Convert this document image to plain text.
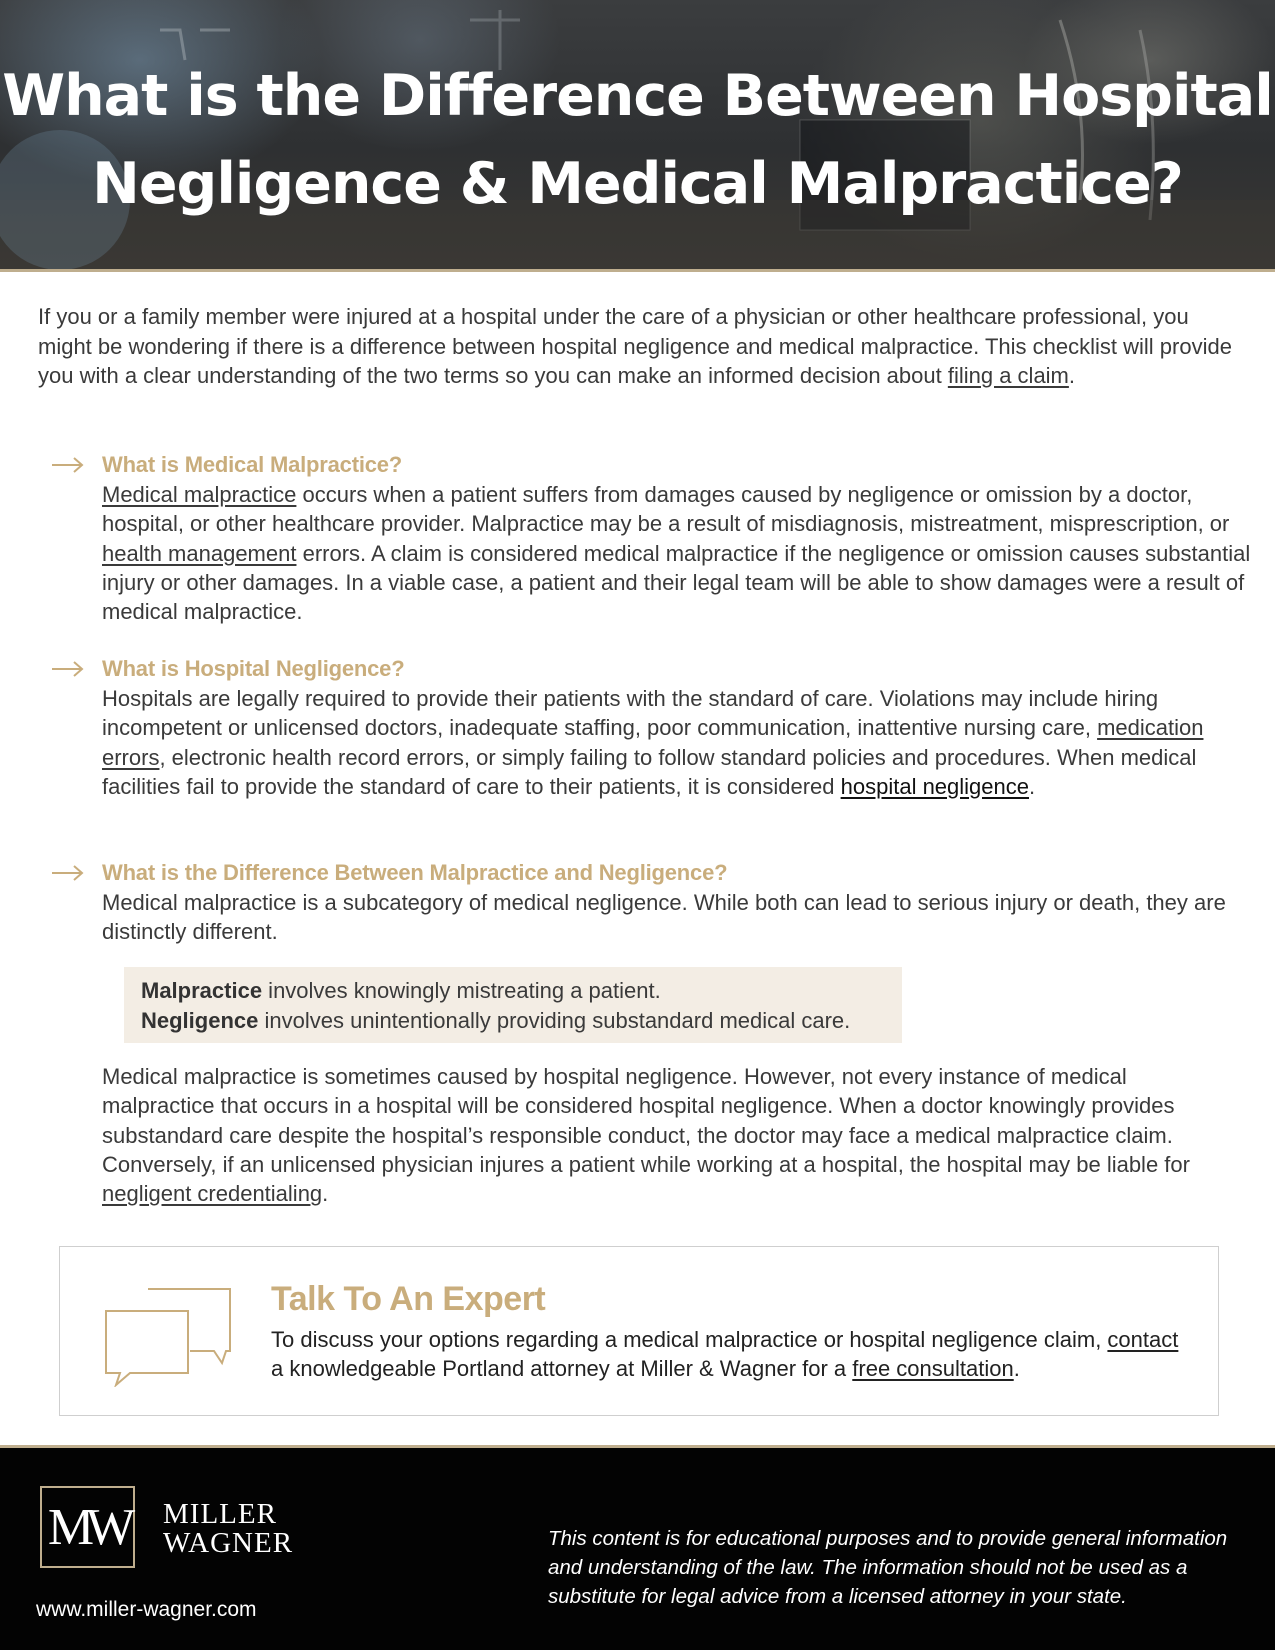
What is the Difference Between Hospital
Negligence & Medical Malpractice?

If you or a family member were injured at a hospital under the care of a physician or other healthcare professional, you might be wondering if there is a difference between hospital negligence and medical malpractice. This checklist will provide you with a clear understanding of the two terms so you can make an informed decision about filing a claim.

What is Medical Malpractice?

Medical malpractice occurs when a patient suffers from damages caused by negligence or omission by a doctor, hospital, or other healthcare provider. Malpractice may be a result of misdiagnosis, mistreatment, misprescription, or health management errors. A claim is considered medical malpractice if the negligence or omission causes substantial injury or other damages. In a viable case, a patient and their legal team will be able to show damages were a result of medical malpractice.

What is Hospital Negligence?

Hospitals are legally required to provide their patients with the standard of care. Violations may include hiring incompetent or unlicensed doctors, inadequate staffing, poor communication, inattentive nursing care, medication errors, electronic health record errors, or simply failing to follow standard policies and procedures. When medical facilities fail to provide the standard of care to their patients, it is considered hospital negligence.

What is the Difference Between Malpractice and Negligence?

Medical malpractice is a subcategory of medical negligence. While both can lead to serious injury or death, they are distinctly different.

Malpractice involves knowingly mistreating a patient.
Negligence involves unintentionally providing substandard medical care.

Medical malpractice is sometimes caused by hospital negligence. However, not every instance of medical malpractice that occurs in a hospital will be considered hospital negligence. When a doctor knowingly provides substandard care despite the hospital’s responsible conduct, the doctor may face a medical malpractice claim. Conversely, if an unlicensed physician injures a patient while working at a hospital, the hospital may be liable for negligent credentialing.

Talk To An Expert

To discuss your options regarding a medical malpractice or hospital negligence claim, contact a knowledgeable Portland attorney at Miller & Wagner for a free consultation.

MW MILLER
WAGNER
www.miller-wagner.com

This content is for educational purposes and to provide general information and understanding of the law. The information should not be used as a substitute for legal advice from a licensed attorney in your state.
